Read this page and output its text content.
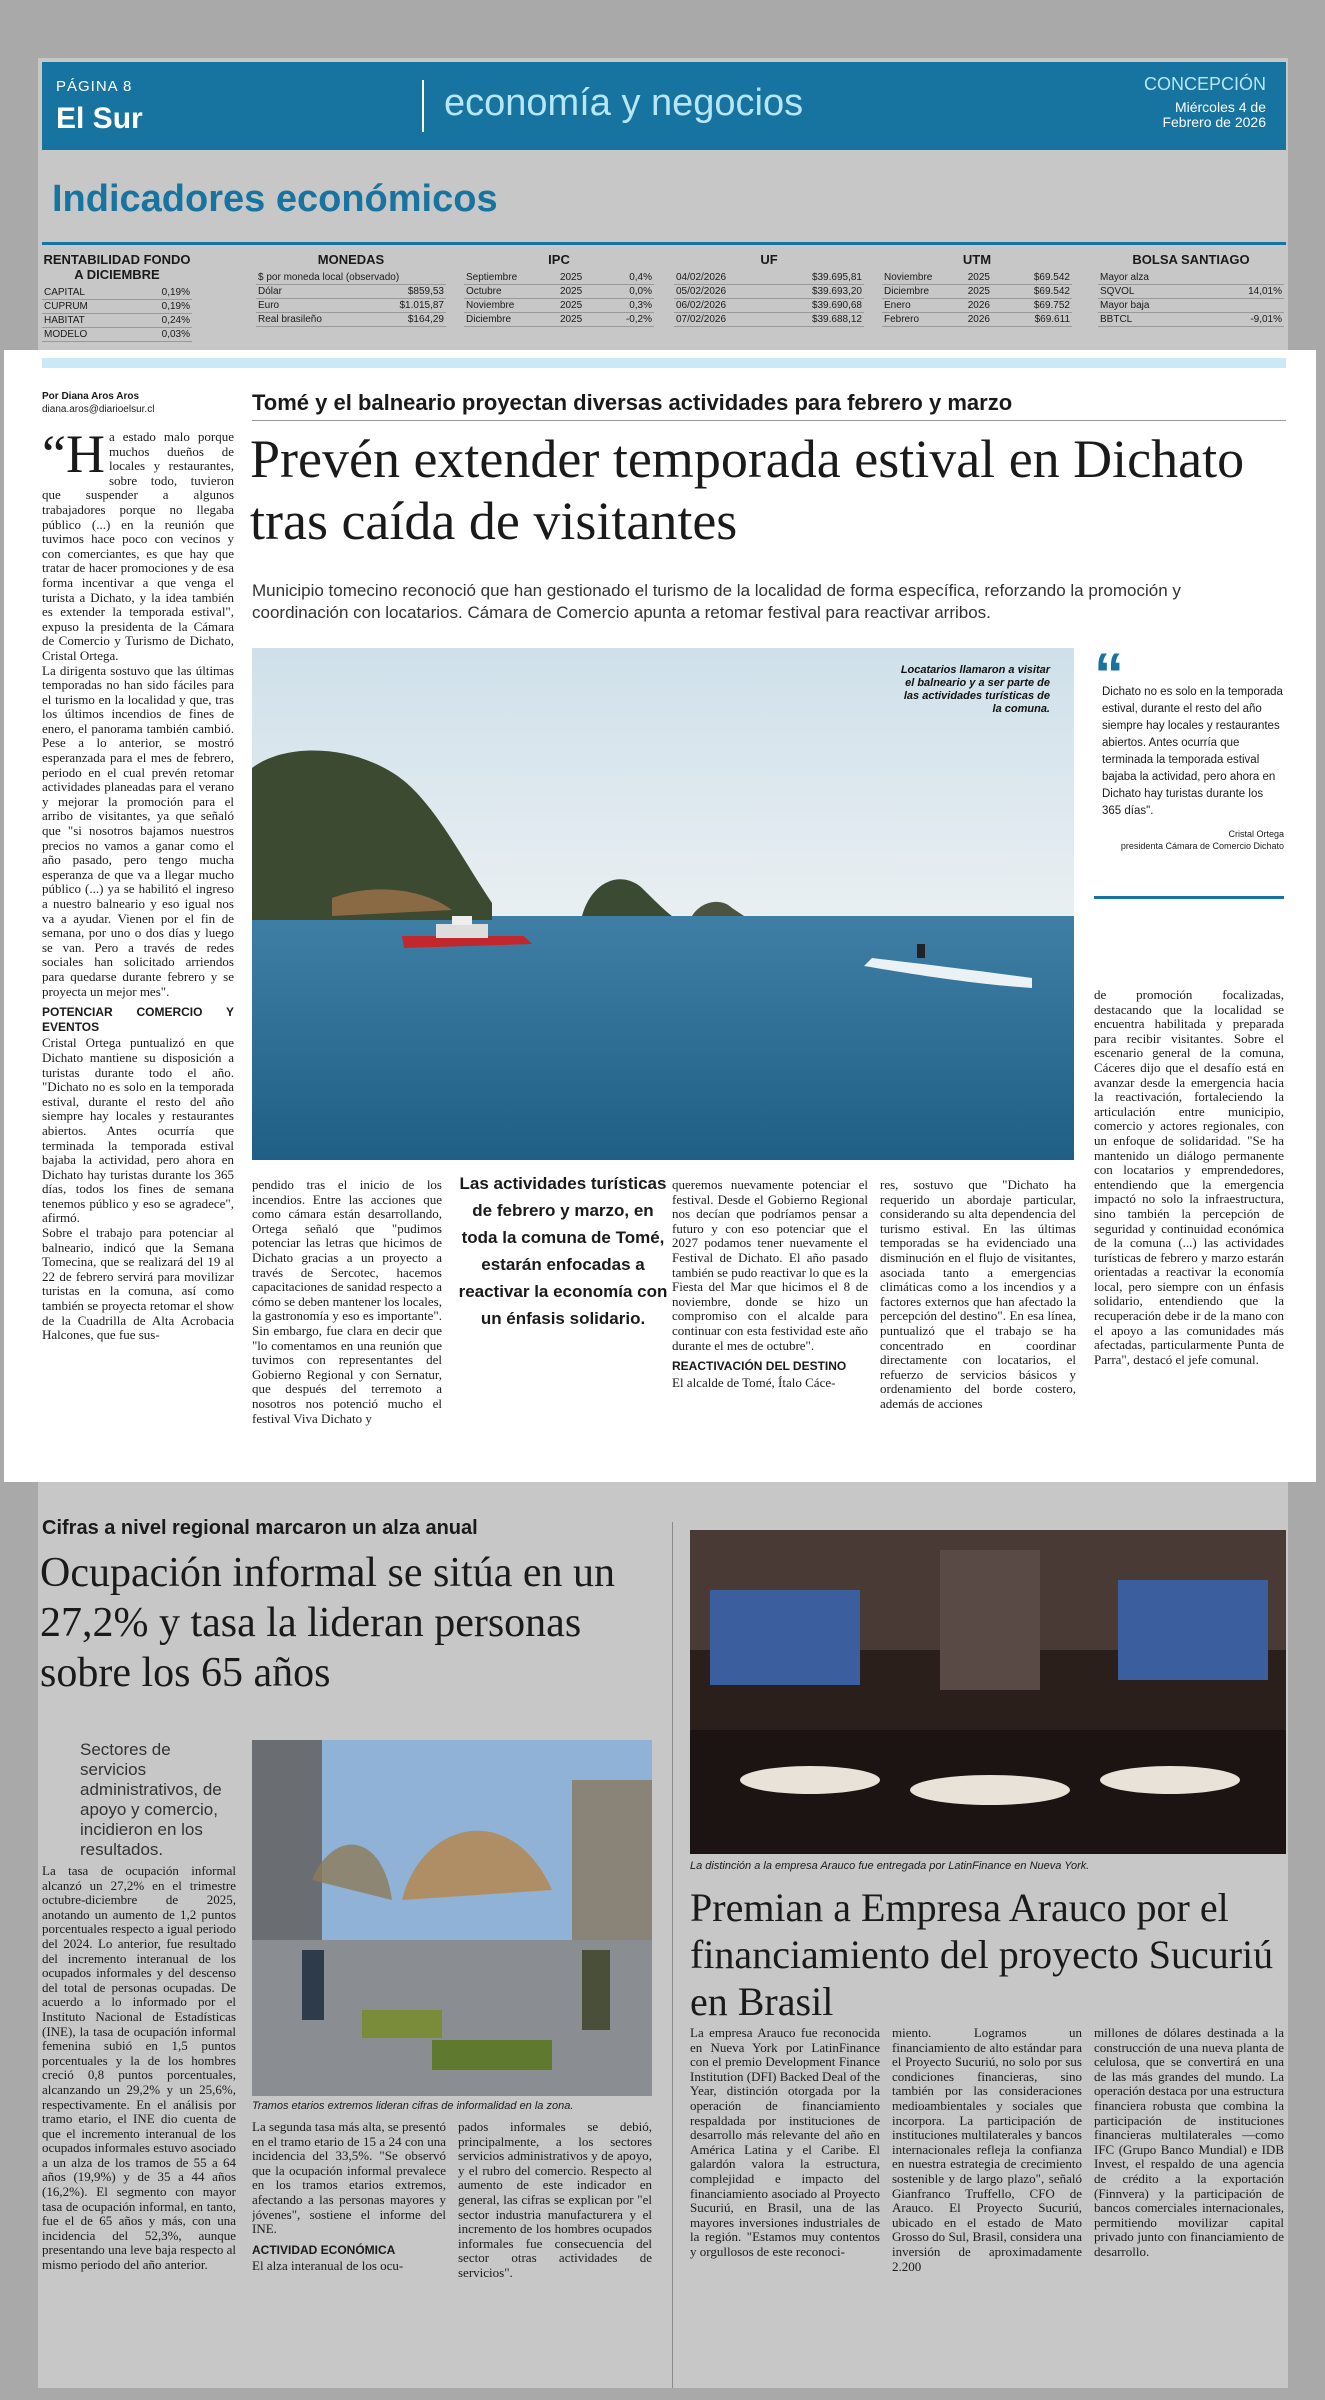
PÁGINA 8
El Sur	economía y negocios	CONCEPCIÓN
Miércoles 4 de Febrero de 2026
Indicadores económicos
RENTABILIDAD FONDO A DICIEMBRE
CAPITAL	0,19%
CUPRUM	0,19%
HABITAT	0,24%
MODELO	0,03%
MONEDAS
$ por moneda local (observado)	
Dólar	$859,53
Euro	$1.015,87
Real brasileño	$164,29
IPC
Septiembre	2025	0,4%
Octubre	2025	0,0%
Noviembre	2025	0,3%
Diciembre	2025	-0,2%
UF
04/02/2026	$39.695,81
05/02/2026	$39.693,20
06/02/2026	$39.690,68
07/02/2026	$39.688,12
UTM
Noviembre	2025	$69.542
Diciembre	2025	$69.542
Enero	2026	$69.752
Febrero	2026	$69.611
BOLSA SANTIAGO
Mayor alza	
SQVOL	14,01%
Mayor baja	
BBTCL	-9,01%
Por Diana Aros Aros
diana.aros@diarioelsur.cl	Tomé y el balneario proyectan diversas actividades para febrero y marzo
Prevén extender temporada estival en Dichato tras caída de visitantes
Municipio tomecino reconoció que han gestionado el turismo de la localidad de forma específica, reforzando la promoción y coordinación con locatarios. Cámara de Comercio apunta a retomar festival para reactivar arribos.

“Ha estado malo porque muchos dueños de locales y restaurantes, sobre todo, tuvieron que suspender a algunos trabajadores porque no llegaba público (...) en la reunión que tuvimos hace poco con vecinos y con comerciantes, es que hay que tratar de hacer promociones y de esa forma incentivar a que venga el turista a Dichato, y la idea también es extender la temporada estival", expuso la presidenta de la Cámara de Comercio y Turismo de Dichato, Cristal Ortega.

La dirigenta sostuvo que las últimas temporadas no han sido fáciles para el turismo en la localidad y que, tras los últimos incendios de fines de enero, el panorama también cambió. Pese a lo anterior, se mostró esperanzada para el mes de febrero, periodo en el cual prevén retomar actividades planeadas para el verano y mejorar la promoción para el arribo de visitantes, ya que señaló que "si nosotros bajamos nuestros precios no vamos a ganar como el año pasado, pero tengo mucha esperanza de que va a llegar mucho público (...) ya se habilitó el ingreso a nuestro balneario y eso igual nos va a ayudar. Vienen por el fin de semana, por uno o dos días y luego se van. Pero a través de redes sociales han solicitado arriendos para quedarse durante febrero y se proyecta un mejor mes".

POTENCIAR COMERCIO Y EVENTOS

Cristal Ortega puntualizó en que Dichato mantiene su disposición a turistas durante todo el año. "Dichato no es solo en la temporada estival, durante el resto del año siempre hay locales y restaurantes abiertos. Antes ocurría que terminada la temporada estival bajaba la actividad, pero ahora en Dichato hay turistas durante los 365 días, todos los fines de semana tenemos público y eso se agradece", afirmó.

Sobre el trabajo para potenciar al balneario, indicó que la Semana Tomecina, que se realizará del 19 al 22 de febrero servirá para movilizar turistas en la comuna, así como también se proyecta retomar el show de la Cuadrilla de Alta Acrobacia Halcones, que fue sus-

Locatarios llamaron a visitar el balneario y a ser parte de las actividades turísticas de la comuna.
“
Dichato no es solo en la temporada estival, durante el resto del año siempre hay locales y restaurantes abiertos. Antes ocurría que terminada la temporada estival bajaba la actividad, pero ahora en Dichato hay turistas durante los 365 días".
Cristal Ortega
presidenta Cámara de Comercio Dichato

de promoción focalizadas, destacando que la localidad se encuentra habilitada y preparada para recibir visitantes. Sobre el escenario general de la comuna, Cáceres dijo que el desafío está en avanzar desde la emergencia hacia la reactivación, fortaleciendo la articulación entre municipio, comercio y actores regionales, con un enfoque de solidaridad. "Se ha mantenido un diálogo permanente con locatarios y emprendedores, entendiendo que la emergencia impactó no solo la infraestructura, sino también la percepción de seguridad y continuidad económica de la comuna (...) las actividades turísticas de febrero y marzo estarán orientadas a reactivar la economía local, pero siempre con un énfasis solidario, entendiendo que la recuperación debe ir de la mano con el apoyo a las comunidades más afectadas, particularmente Punta de Parra", destacó el jefe comunal.

pendido tras el inicio de los incendios. Entre las acciones que como cámara están desarrollando, Ortega señaló que "pudimos potenciar las letras que hicimos de Dichato gracias a un proyecto a través de Sercotec, hacemos capacitaciones de sanidad respecto a cómo se deben mantener los locales, la gastronomía y eso es importante". Sin embargo, fue clara en decir que "lo comentamos en una reunión que tuvimos con representantes del Gobierno Regional y con Sernatur, que después del terremoto a nosotros nos potenció mucho el festival Viva Dichato y

Las actividades turísticas de febrero y marzo, en toda la comuna de Tomé, estarán enfocadas a reactivar la economía con un énfasis solidario.

queremos nuevamente potenciar el festival. Desde el Gobierno Regional nos decían que podríamos pensar a futuro y con eso potenciar que el 2027 podamos tener nuevamente el Festival de Dichato. El año pasado también se pudo reactivar lo que es la Fiesta del Mar que hicimos el 8 de noviembre, donde se hizo un compromiso con el alcalde para continuar con esta festividad este año durante el mes de octubre".

REACTIVACIÓN DEL DESTINO

El alcalde de Tomé, Ítalo Cáce-

res, sostuvo que "Dichato ha requerido un abordaje particular, considerando su alta dependencia del turismo estival. En las últimas temporadas se ha evidenciado una disminución en el flujo de visitantes, asociada tanto a emergencias climáticas como a los incendios y a factores externos que han afectado la percepción del destino". En esa línea, puntualizó que el trabajo se ha concentrado en coordinar directamente con locatarios, el refuerzo de servicios básicos y ordenamiento del borde costero, además de acciones

Cifras a nivel regional marcaron un alza anual
Ocupación informal se sitúa en un 27,2% y tasa la lideran personas sobre los 65 años
Sectores de servicios administrativos, de apoyo y comercio, incidieron en los resultados.
Tramos etarios extremos lideran cifras de informalidad en la zona.

La tasa de ocupación informal alcanzó un 27,2% en el trimestre octubre-diciembre de 2025, anotando un aumento de 1,2 puntos porcentuales respecto a igual periodo del 2024. Lo anterior, fue resultado del incremento interanual de los ocupados informales y del descenso del total de personas ocupadas. De acuerdo a lo informado por el Instituto Nacional de Estadísticas (INE), la tasa de ocupación informal femenina subió en 1,5 puntos porcentuales y la de los hombres creció 0,8 puntos porcentuales, alcanzando un 29,2% y un 25,6%, respectivamente. En el análisis por tramo etario, el INE dio cuenta de que el incremento interanual de los ocupados informales estuvo asociado a un alza de los tramos de 55 a 64 años (19,9%) y de 35 a 44 años (16,2%). El segmento con mayor tasa de ocupación informal, en tanto, fue el de 65 años y más, con una incidencia del 52,3%, aunque presentando una leve baja respecto al mismo periodo del año anterior.

La segunda tasa más alta, se presentó en el tramo etario de 15 a 24 con una incidencia del 33,5%. "Se observó que la ocupación informal prevalece en los tramos etarios extremos, afectando a las personas mayores y jóvenes", sostiene el informe del INE.

ACTIVIDAD ECONÓMICA

El alza interanual de los ocu-

pados informales se debió, principalmente, a los sectores servicios administrativos y de apoyo, y el rubro del comercio. Respecto al aumento de este indicador en general, las cifras se explican por "el sector industria manufacturera y el incremento de los hombres ocupados informales fue consecuencia del sector otras actividades de servicios".

La distinción a la empresa Arauco fue entregada por LatinFinance en Nueva York.
Premian a Empresa Arauco por el financiamiento del proyecto Sucuriú en Brasil

La empresa Arauco fue reconocida en Nueva York por LatinFinance con el premio Development Finance Institution (DFI) Backed Deal of the Year, distinción otorgada por la operación de financiamiento respaldada por instituciones de desarrollo más relevante del año en América Latina y el Caribe. El galardón valora la estructura, complejidad e impacto del financiamiento asociado al Proyecto Sucuriú, en Brasil, una de las mayores inversiones industriales de la región. "Estamos muy contentos y orgullosos de este reconoci-

miento. Logramos un financiamiento de alto estándar para el Proyecto Sucuriú, no solo por sus condiciones financieras, sino también por las consideraciones medioambientales y sociales que incorpora. La participación de instituciones multilaterales y bancos internacionales refleja la confianza en nuestra estrategia de crecimiento sostenible y de largo plazo", señaló Gianfranco Truffello, CFO de Arauco. El Proyecto Sucuriú, ubicado en el estado de Mato Grosso do Sul, Brasil, considera una inversión de aproximadamente 2.200

millones de dólares destinada a la construcción de una nueva planta de celulosa, que se convertirá en una de las más grandes del mundo. La operación destaca por una estructura financiera robusta que combina la participación de instituciones financieras multilaterales —como IFC (Grupo Banco Mundial) e IDB Invest, el respaldo de una agencia de crédito a la exportación (Finnvera) y la participación de bancos comerciales internacionales, permitiendo movilizar capital privado junto con financiamiento de desarrollo.
